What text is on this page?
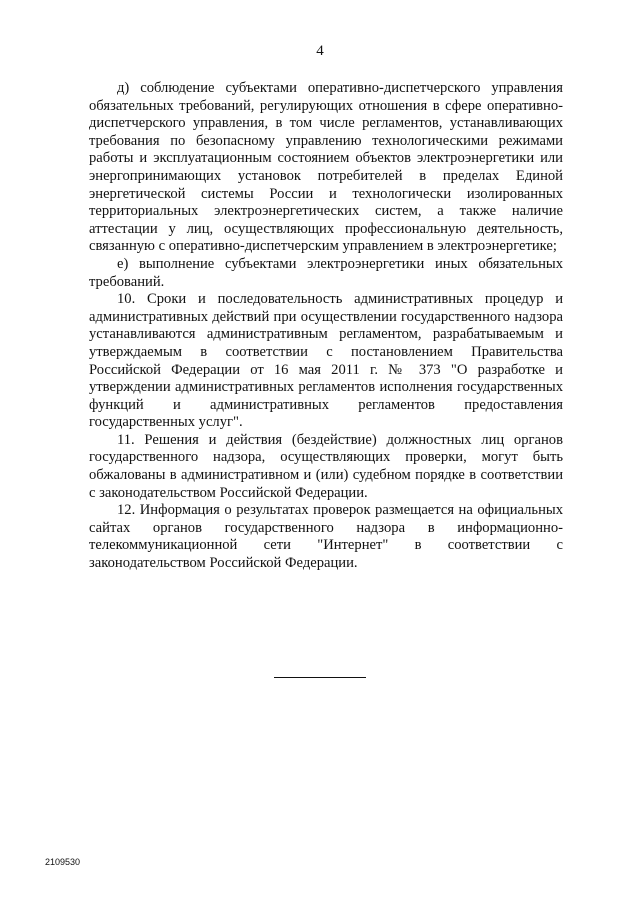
4

д) соблюдение субъектами оперативно-диспетчерского управления обязательных требований, регулирующих отношения в сфере оперативно-диспетчерского управления, в том числе регламентов, устанавливающих требования по безопасному управлению технологическими режимами работы и эксплуатационным состоянием объектов электроэнергетики или энергопринимающих установок потребителей в пределах Единой энергетической системы России и технологически изолированных территориальных электроэнергетических систем, а также наличие аттестации у лиц, осуществляющих профессиональную деятельность, связанную с оперативно-диспетчерским управлением в электроэнергетике;

е) выполнение субъектами электроэнергетики иных обязательных требований.

10. Сроки и последовательность административных процедур и административных действий при осуществлении государственного надзора устанавливаются административным регламентом, разрабатываемым и утверждаемым в соответствии с постановлением Правительства Российской Федерации от 16 мая 2011 г. № 373 "О разработке и утверждении административных регламентов исполнения государственных функций и административных регламентов предоставления государственных услуг".

11. Решения и действия (бездействие) должностных лиц органов государственного надзора, осуществляющих проверки, могут быть обжалованы в административном и (или) судебном порядке в соответствии с законодательством Российской Федерации.

12. Информация о результатах проверок размещается на официальных сайтах органов государственного надзора в информационно-телекоммуникационной сети "Интернет" в соответствии с законодательством Российской Федерации.

2109530
